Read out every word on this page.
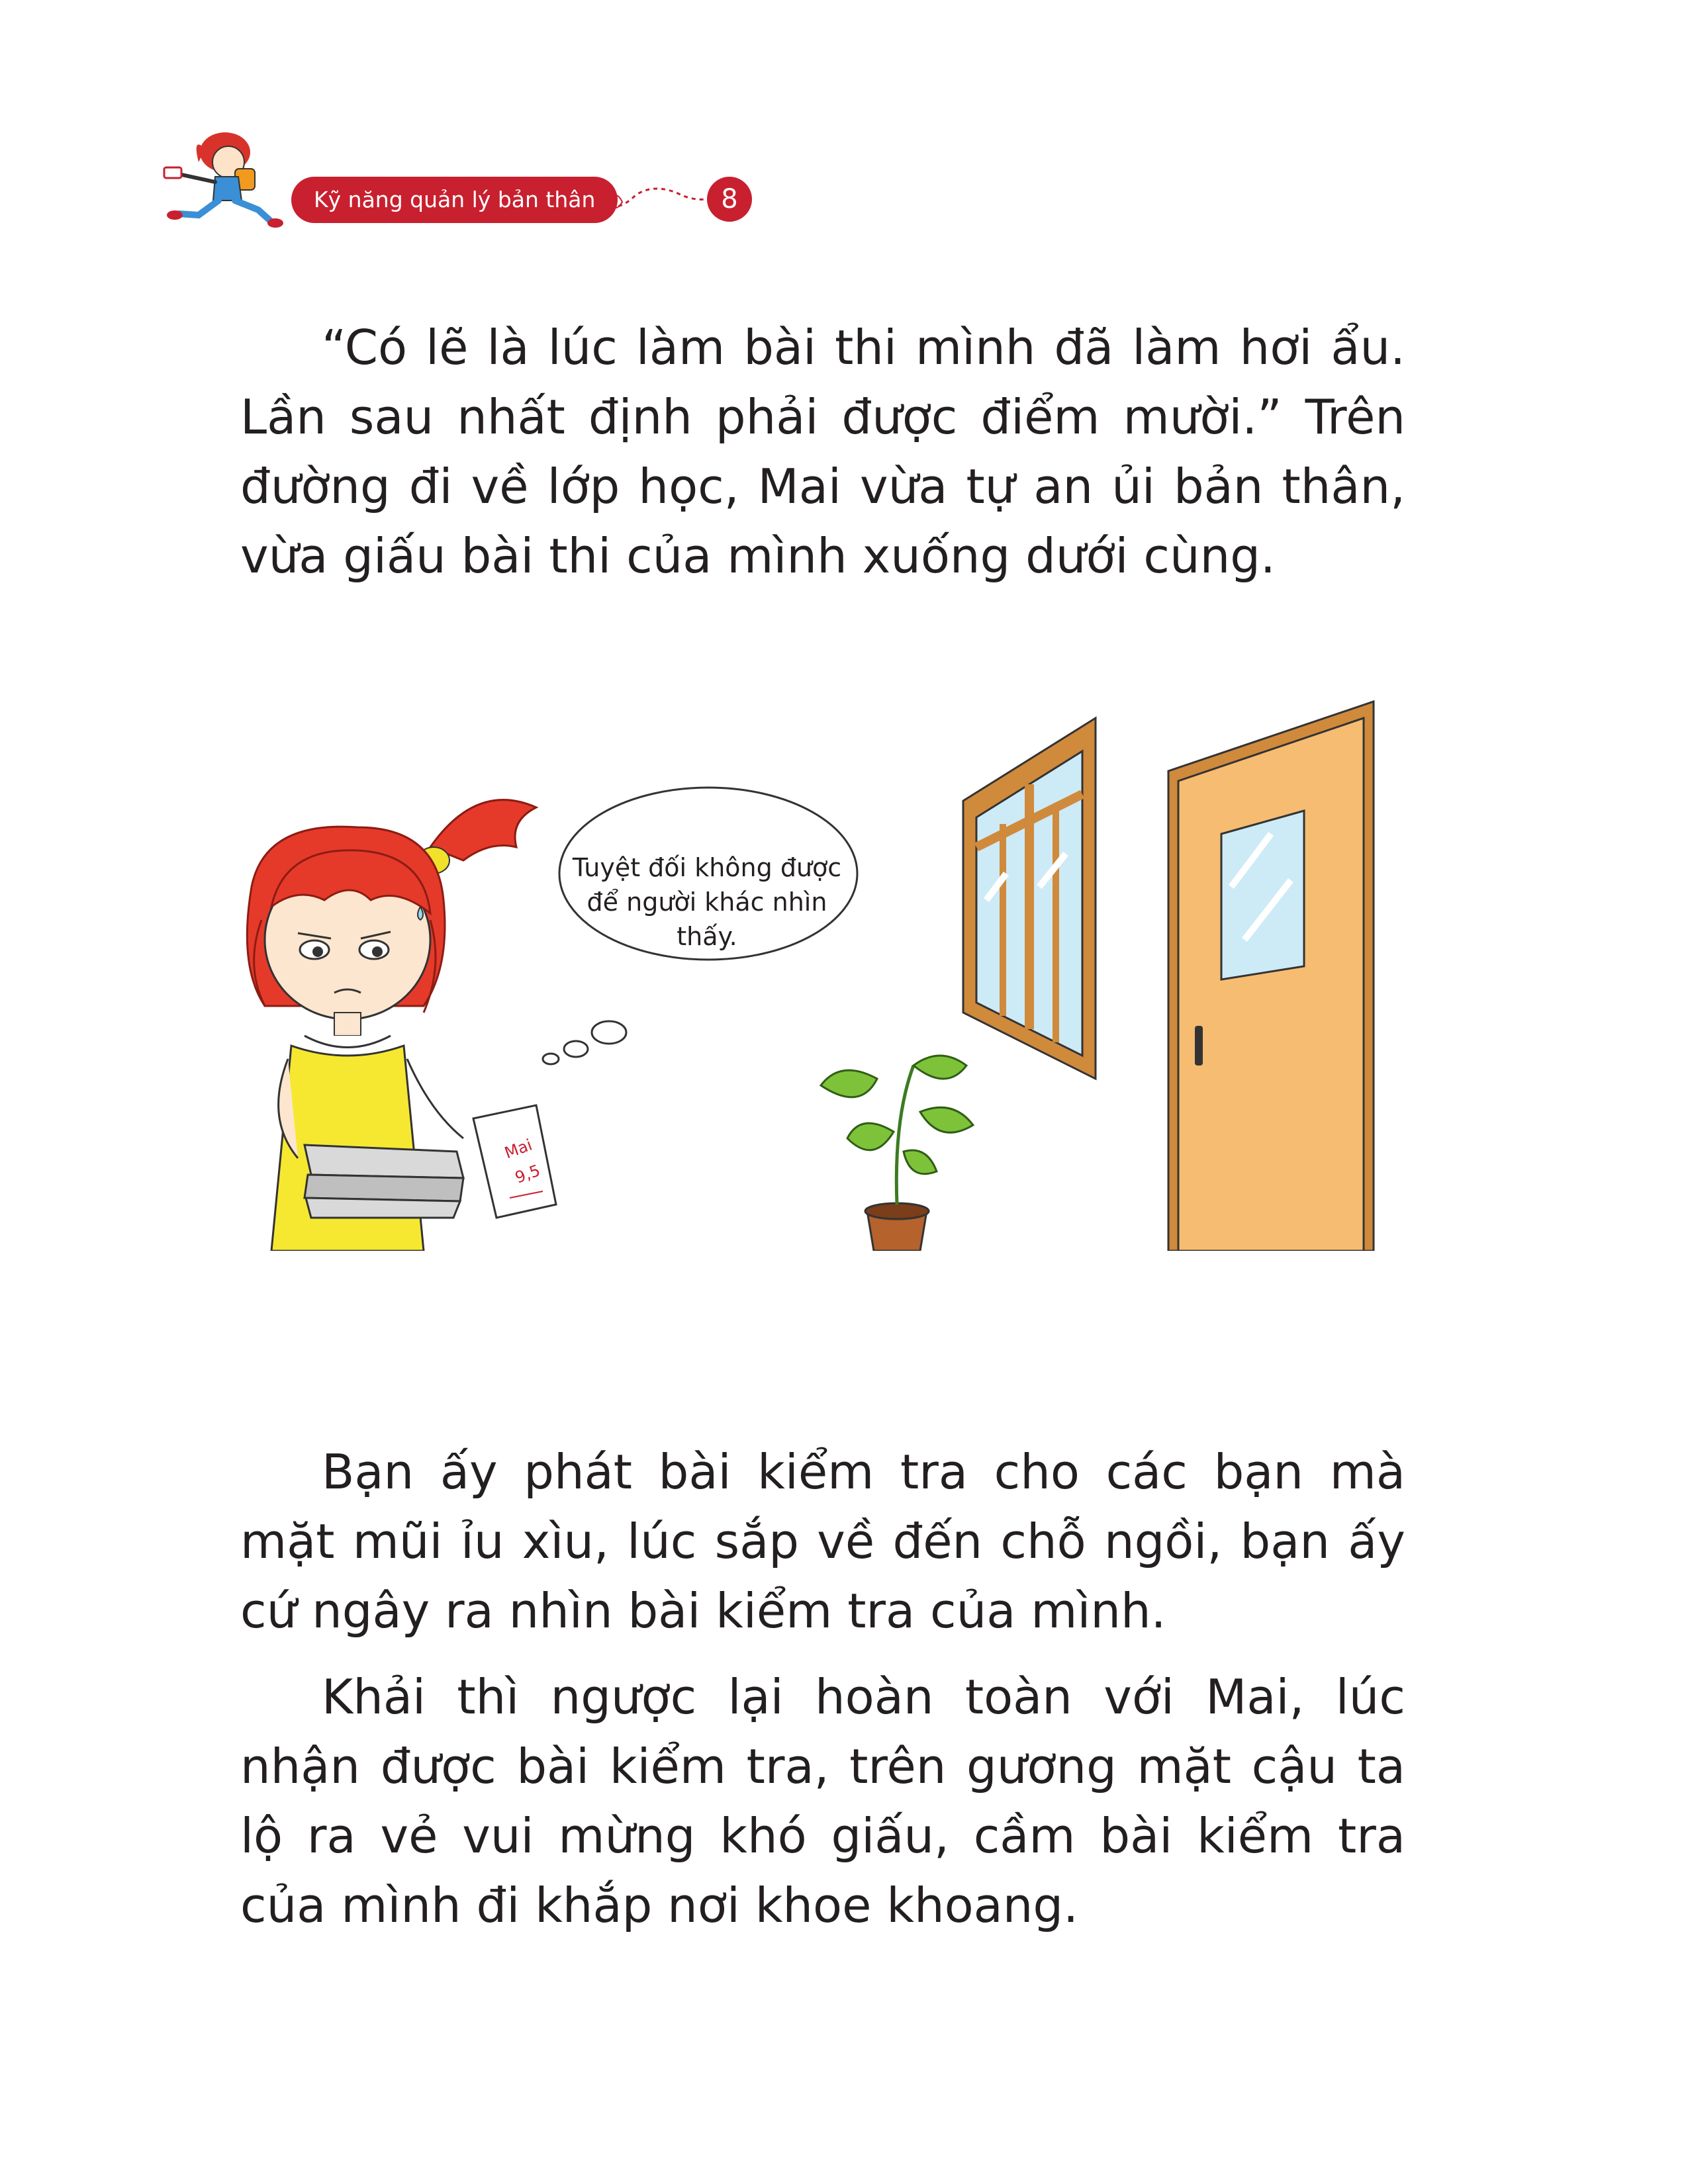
Kỹ năng quản lý bản thân	8

“Có lẽ là lúc làm bài thi mình đã làm hơi ẩu. Lần sau nhất định phải được điểm mười.” Trên đường đi về lớp học, Mai vừa tự an ủi bản thân, vừa giấu bài thi của mình xuống dưới cùng.

Tuyệt đối không được để người khác nhìn thấy.
Mai
9,5

Bạn ấy phát bài kiểm tra cho các bạn mà mặt mũi ỉu xìu, lúc sắp về đến chỗ ngồi, bạn ấy cứ ngây ra nhìn bài kiểm tra của mình.

Khải thì ngược lại hoàn toàn với Mai, lúc nhận được bài kiểm tra, trên gương mặt cậu ta lộ ra vẻ vui mừng khó giấu, cầm bài kiểm tra của mình đi khắp nơi khoe khoang.
